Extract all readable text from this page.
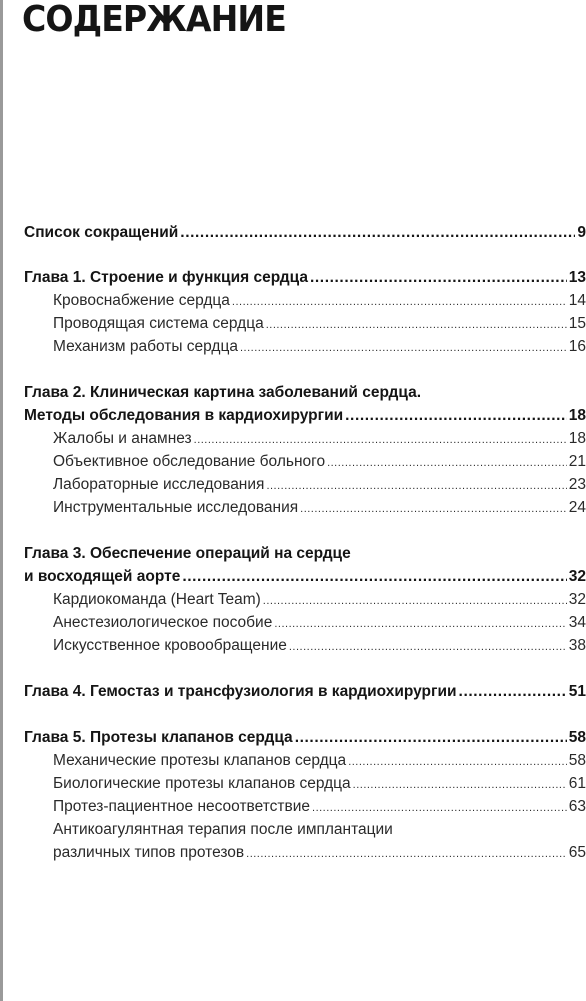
СОДЕРЖАНИЕ
Список сокращений .....	9
Глава 1. Строение и функция сердца .....	13
Кровоснабжение сердца .....	14
Проводящая система сердца .....	15
Механизм работы сердца .....	16
Глава 2. Клиническая картина заболеваний сердца.
Методы обследования в кардиохирургии .....	18
Жалобы и анамнез .....	18
Объективное обследование больного .....	21
Лабораторные исследования .....	23
Инструментальные исследования .....	24
Глава 3. Обеспечение операций на сердце
и восходящей аорте .....	32
Кардиокоманда (Heart Team) .....	32
Анестезиологическое пособие .....	34
Искусственное кровообращение .....	38
Глава 4. Гемостаз и трансфузиология в кардиохирургии .....	51
Глава 5. Протезы клапанов сердца .....	58
Механические протезы клапанов сердца .....	58
Биологические протезы клапанов сердца .....	61
Протез-пациентное несоответствие .....	63
Антикоагулянтная терапия после имплантации
различных типов протезов .....	65
